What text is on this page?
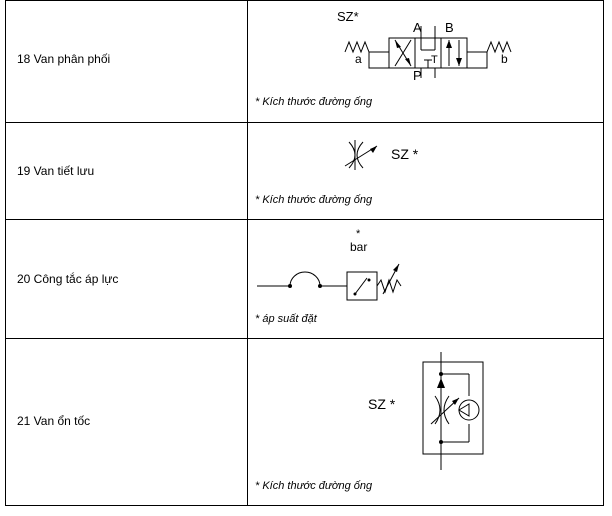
18 Van phân phối
SZ*
A B
P
T
a	b
* Kích thước đường ống
19 Van tiết lưu
SZ *
* Kích thước đường ống
20 Công tắc áp lực
*
bar
* áp suất đặt
21 Van ổn tốc
SZ *
* Kích thước đường ống
